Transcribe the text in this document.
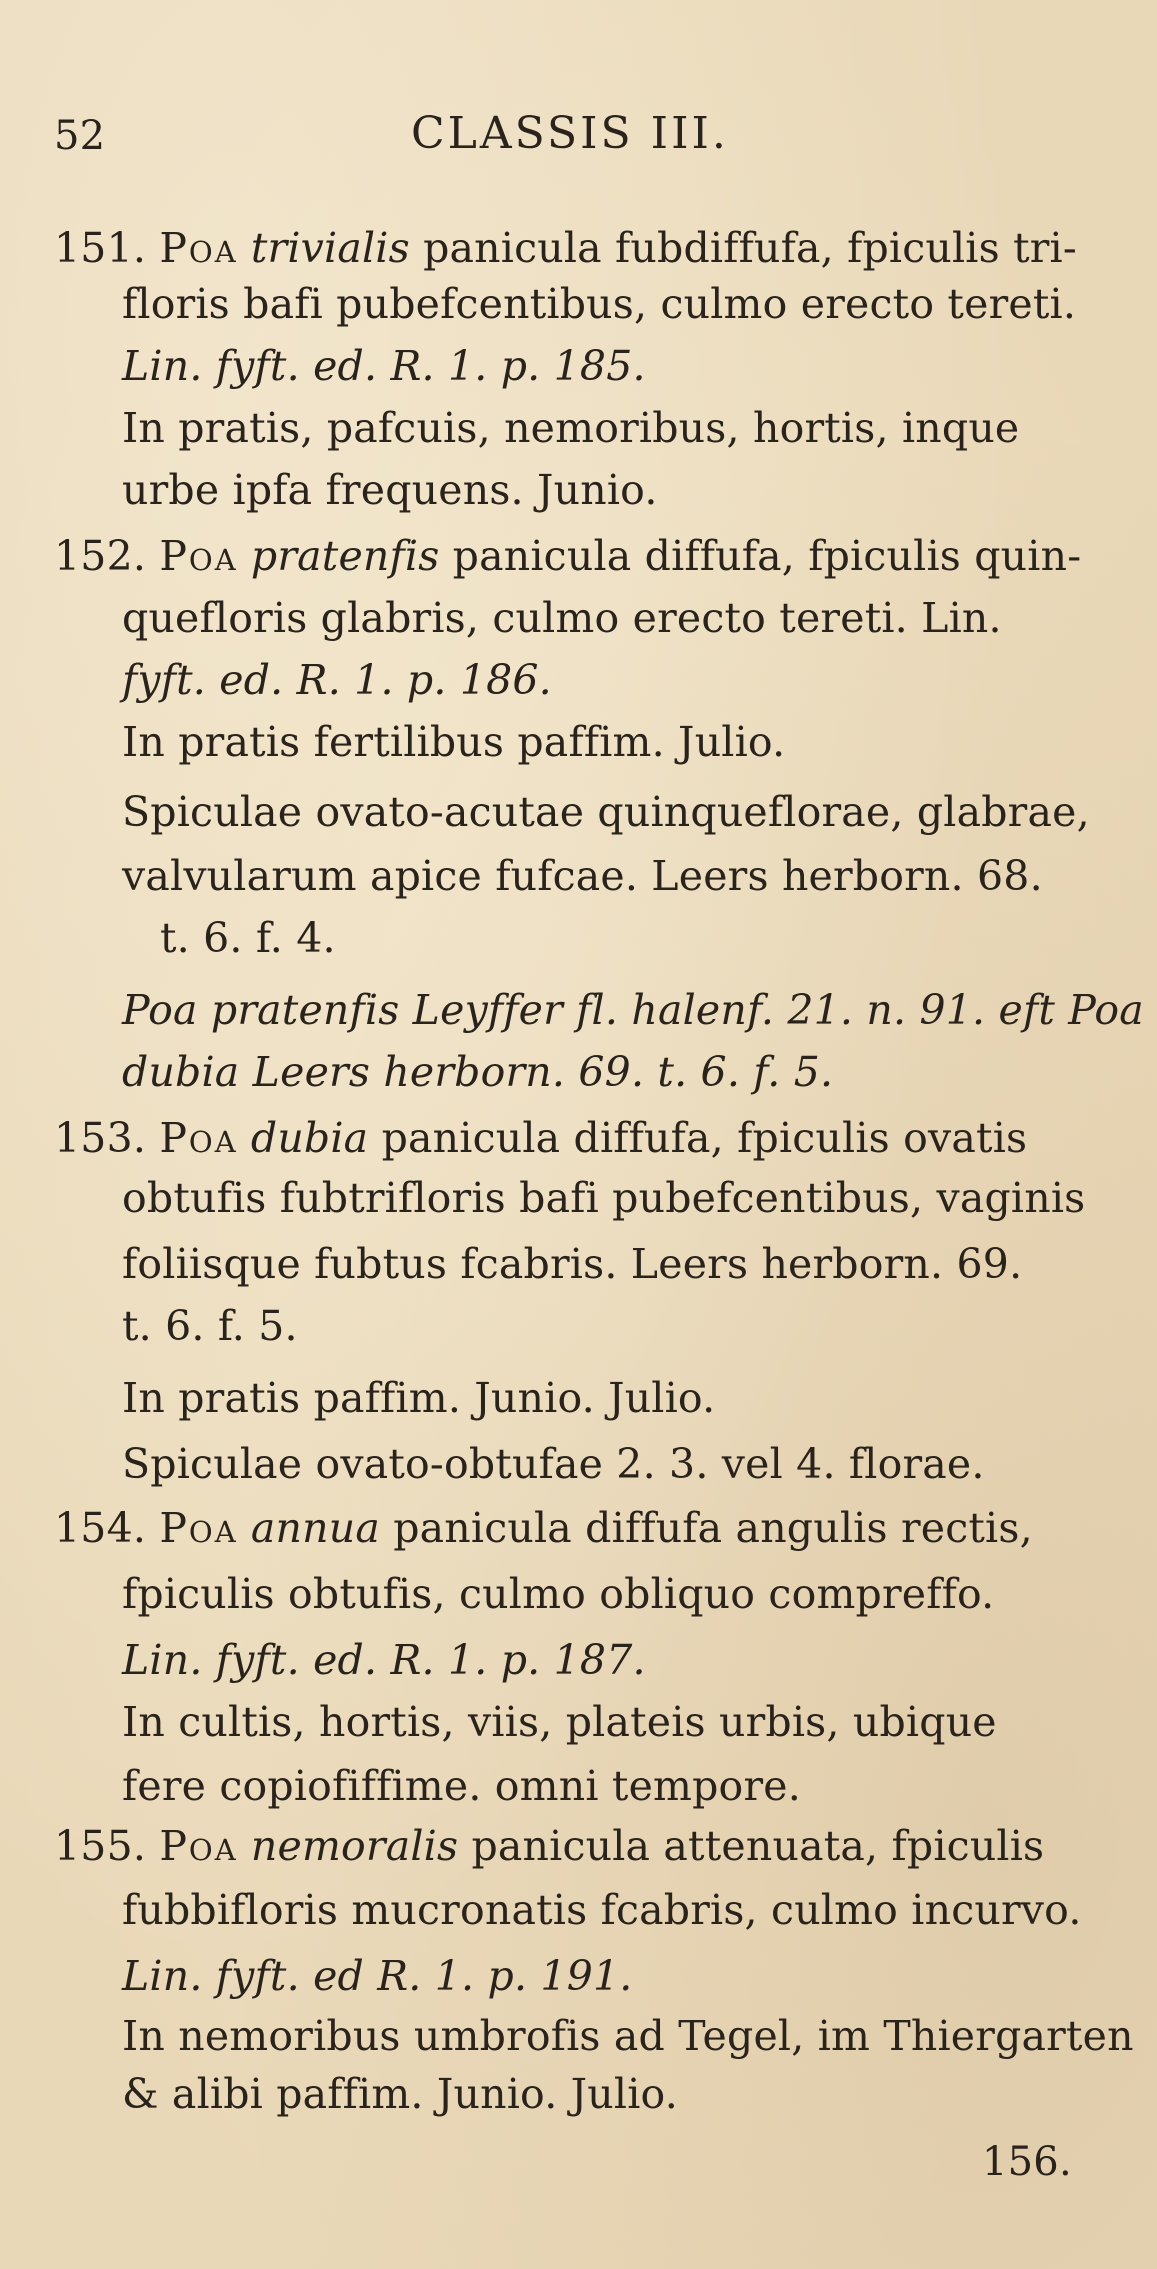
52	CLASSIS III.
151. Poa trivialis panicula fubdiffufa, fpiculis tri-
floris bafi pubefcentibus, culmo erecto tereti.
Lin. fyft. ed. R. 1. p. 185.
In pratis, pafcuis, nemoribus, hortis, inque
urbe ipfa frequens. Junio.
152. Poa pratenfis panicula diffufa, fpiculis quin-
quefloris glabris, culmo erecto tereti. Lin.
fyft. ed. R. 1. p. 186.
In pratis fertilibus paffim. Julio.
Spiculae ovato-acutae quinqueflorae, glabrae,
valvularum apice fufcae. Leers herborn. 68.
t. 6. f. 4.
Poa pratenfis Leyffer fl. halenf. 21. n. 91. eft Poa
dubia Leers herborn. 69. t. 6. f. 5.
153. Poa dubia panicula diffufa, fpiculis ovatis
obtufis fubtrifloris bafi pubefcentibus, vaginis
foliisque fubtus fcabris. Leers herborn. 69.
t. 6. f. 5.
In pratis paffim. Junio. Julio.
Spiculae ovato-obtufae 2. 3. vel 4. florae.
154. Poa annua panicula diffufa angulis rectis,
fpiculis obtufis, culmo obliquo compreffo.
Lin. fyft. ed. R. 1. p. 187.
In cultis, hortis, viis, plateis urbis, ubique
fere copiofiffime. omni tempore.
155. Poa nemoralis panicula attenuata, fpiculis
fubbifloris mucronatis fcabris, culmo incurvo.
Lin. fyft. ed R. 1. p. 191.
In nemoribus umbrofis ad Tegel, im Thiergarten
& alibi paffim. Junio. Julio.
156.
